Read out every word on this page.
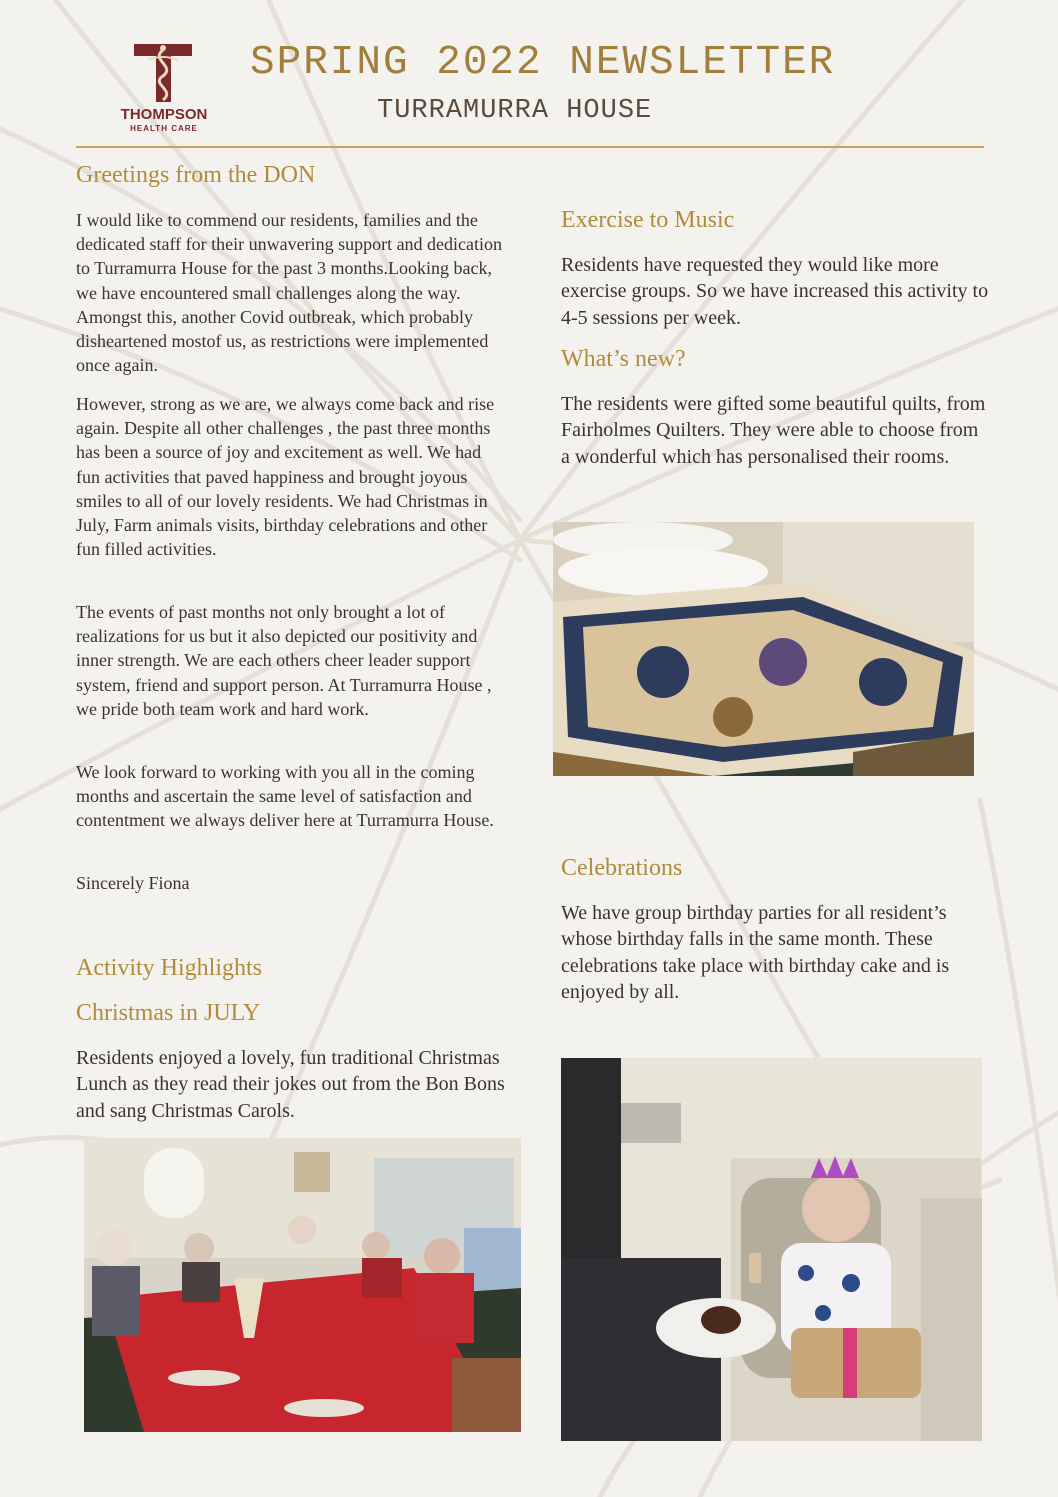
THOMPSON
HEALTH CARE
SPRING 2022 NEWSLETTER
TURRAMURRA HOUSE
Greetings from the DON

I would like to commend our residents, families and the dedicated staff for their unwavering support and dedication to Turramurra House for the past 3 months.Looking back, we have encountered small challenges along the way. Amongst this, another Covid outbreak, which probably disheartened mostof us, as restrictions were implemented once again.

However, strong as we are, we always come back and rise again. Despite all other challenges , the past three months has been a source of joy and excitement as well. We had fun activities that paved happiness and brought joyous smiles to all of our lovely residents. We had Christmas in July, Farm animals visits, birthday celebrations and other fun filled activities.

The events of past months not only brought a lot of realizations for us but it also depicted our positivity and inner strength. We are each others cheer leader support system, friend and support person. At Turramurra House , we pride both team work and hard work.

We look forward to working with you all in the coming months and ascertain the same level of satisfaction and contentment we always deliver here at Turramurra House.

Sincerely Fiona

Activity Highlights
Christmas in JULY

Residents enjoyed a lovely, fun traditional Christmas Lunch as they read their jokes out from the Bon Bons and sang Christmas Carols.

Exercise to Music

Residents have requested they would like more exercise groups. So we have increased this activity to 4-5 sessions per week.

What’s new?

The residents were gifted some beautiful quilts, from Fairholmes Quilters. They were able to choose from a wonderful which has personalised their rooms.

Celebrations

We have group birthday parties for all resident’s whose birthday falls in the same month. These celebrations take place with birthday cake and is enjoyed by all.
